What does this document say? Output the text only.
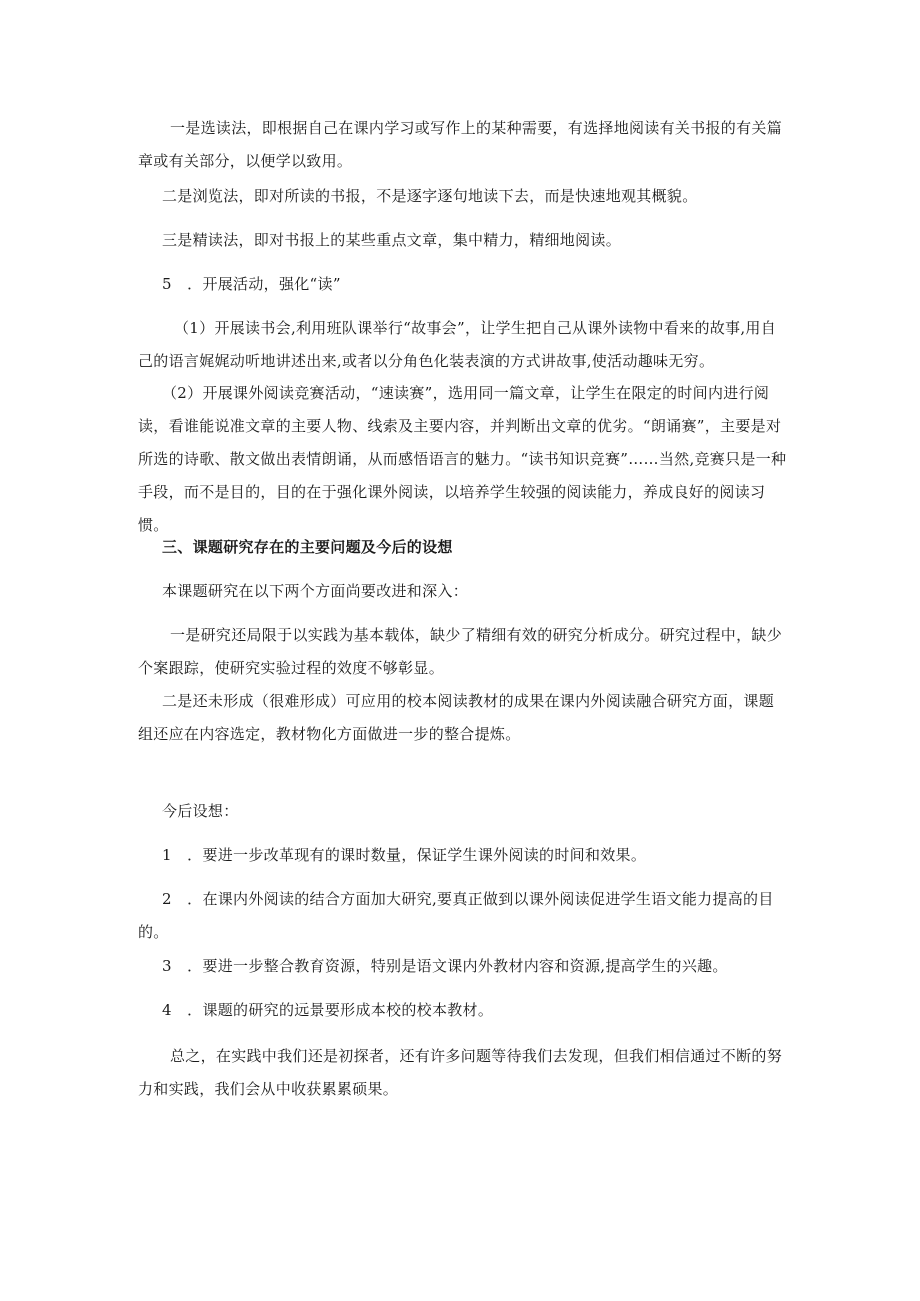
一是选读法，即根据自己在课内学习或写作上的某种需要，有选择地阅读有关书报的有关篇章或有关部分，以便学以致用。

二是浏览法，即对所读的书报，不是逐字逐句地读下去，而是快速地观其概貌。

三是精读法，即对书报上的某些重点文章，集中精力，精细地阅读。

5　．开展活动，强化“读”

（1）开展读书会,利用班队课举行“故事会”，让学生把自己从课外读物中看来的故事,用自己的语言娓娓动听地讲述出来,或者以分角色化装表演的方式讲故事,使活动趣味无穷。

（2）开展课外阅读竞赛活动，“速读赛”，选用同一篇文章，让学生在限定的时间内进行阅读，看谁能说准文章的主要人物、线索及主要内容，并判断出文章的优劣。“朗诵赛”，主要是对所选的诗歌、散文做出表情朗诵，从而感悟语言的魅力。“读书知识竞赛”……当然,竞赛只是一种手段，而不是目的，目的在于强化课外阅读，以培养学生较强的阅读能力，养成良好的阅读习惯。

三、课题研究存在的主要问题及今后的设想

本课题研究在以下两个方面尚要改进和深入：

一是研究还局限于以实践为基本载体，缺少了精细有效的研究分析成分。研究过程中，缺少个案跟踪，使研究实验过程的效度不够彰显。

二是还未形成（很难形成）可应用的校本阅读教材的成果在课内外阅读融合研究方面，课题组还应在内容选定，教材物化方面做进一步的整合提炼。

今后设想：

1　．要进一步改革现有的课时数量，保证学生课外阅读的时间和效果。

2　．在课内外阅读的结合方面加大研究,要真正做到以课外阅读促进学生语文能力提高的目的。

3　．要进一步整合教育资源，特别是语文课内外教材内容和资源,提高学生的兴趣。

4　．课题的研究的远景要形成本校的校本教材。

总之，在实践中我们还是初探者，还有许多问题等待我们去发现，但我们相信通过不断的努力和实践，我们会从中收获累累硕果。
